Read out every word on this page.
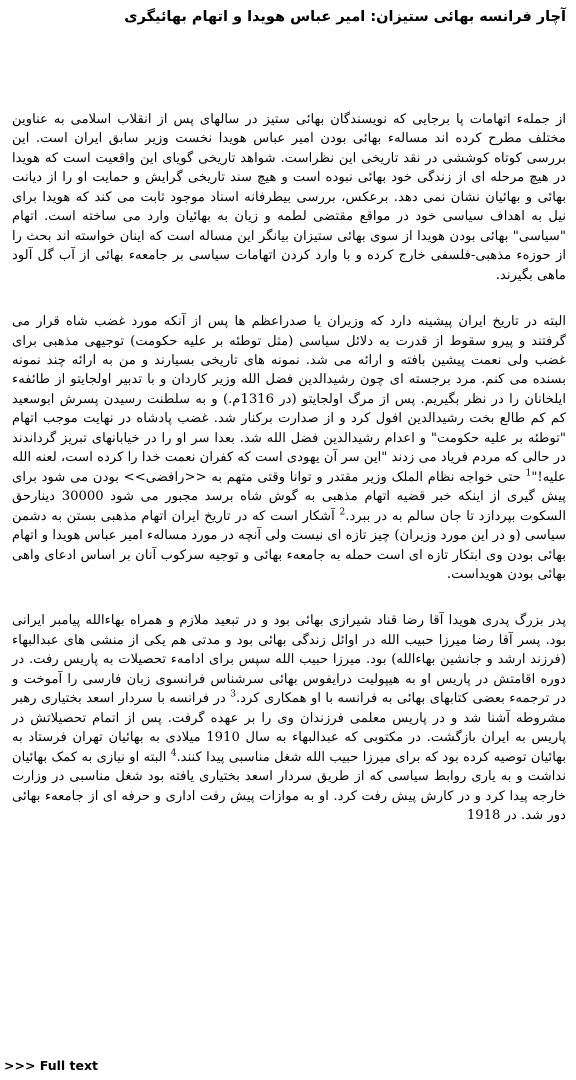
آچار فرانسه بهائی ستیزان: امیر عباس هویدا و اتهام بهائیگری

از جملهء اتهامات پا برجایی که نویسندگان بهائی ستیز در سالهای پس از انقلاب اسلامی به عناوین مختلف مطرح کرده اند مساله‌ء بهائی بودن امیر عباس هویدا نخست وزیر سابق ایران است. این بررسی کوتاه کوششی در نقد تاریخی این نظراست. شواهد تاریخی گویای این واقعیت است که هویدا در هیچ مرحله ای از زندگی خود بهائی نبوده است و هیچ سند تاریخی گرایش و حمایت او را از دیانت بهائی و بهائیان نشان نمی دهد. برعکس، بررسی بیطرفانه اسناد موجود ثابت می کند که هویدا برای نیل به اهداف سیاسی خود در مواقع مقتضی لطمه و زیان به بهائیان وارد می ساخته است. اتهام "سیاسی" بهائی بودن هویدا از سوی بهائی ستیزان بیانگر این مساله است که اینان خواسته اند بحث را از حوزه‌ء مذهبی-فلسفی خارج کرده و با وارد کردن اتهامات سیاسی بر جامعهء بهائی از آب گل آلود ماهی بگیرند.

البته در تاریخ ایران پیشینه دارد که وزیران یا صدراعظم ها پس از آنکه مورد غضب شاه قرار می گرفتند و پیرو سقوط از قدرت به دلائل سیاسی (مثل توطئه بر علیه حکومت) توجیهی مذهبی برای غضب ولی نعمت پیشین بافته و ارائه می شد. نمونه های تاریخی بسیارند و من به ارائه چند نمونه بسنده می کنم. مرد برجسته ای چون رشیدالدین فضل الله وزیر کاردان و با تدبیر اولجایتو از طائفهء ایلخانان را در نظر بگیریم. پس از مرگ اولجایتو (در 1316م.) و به سلطنت رسیدن پسرش ابوسعید کم کم طالع بخت رشیدالدین افول کرد و از صدارت برکنار شد. غضب پادشاه در نهایت موجب اتهام "توطئه بر علیه حکومت" و اعدام رشیدالدین فضل الله شد. بعدا سر او را در خیابانهای تبریز گرداندند در حالی که مردم فریاد می زدند "این سر آن یهودی است که کفران نعمت خدا را کرده است، لعنه الله علیه!"$^1$ حتی خواجه نظام الملک وزیر مقتدر و توانا وقتی متهم به <<رافضی>> بودن می شود برای پیش گیری از اینکه خبر قضیه اتهام مذهبی به گوش شاه برسد مجبور می شود 30000 دینارحق السکوت بپردازد تا جان سالم به در ببرد.$^2$ آشکار است که در تاریخ ایران اتهام مذهبی بستن به دشمن سیاسی (و در این مورد وزیران) چیز تازه ای نیست ولی آنچه در مورد مساله‌ء امیر عباس هویدا و اتهام بهائی بودن وی ابتکار تازه ای است حمله به جامعهء بهائی و توجیه سرکوب آنان بر اساس ادعای واهی بهائی بودن هویداست.

پدر بزرگ پدری هویدا آقا رضا قناد شیرازی بهائی بود و در تبعید ملازم و همراه بهاءالله پیامبر ایرانی بود. پسر آقا رضا میرزا حبیب الله در اوائل زندگی بهائی بود و مدتی هم یکی از منشی های عبدالبهاء (فرزند ارشد و جانشین بهاءالله) بود. میرزا حبیب الله سپس برای ادامهء تحصیلات به پاریس رفت. در دوره اقامتش در پاریس او به هیپولیت درایفوس بهائی سرشناس فرانسوی زبان فارسی را آموخت و در ترجمهء بعضی کتابهای بهائی به فرانسه با او همکاری کرد.$^3$ در فرانسه با سردار اسعد بختیاری رهبر مشروطه آشنا شد و در پاریس معلمی فرزندان وی را بر عهده گرفت. پس از اتمام تحصیلاتش در پاریس به ایران بازگشت. در مکتوبی که عبدالبهاء به سال 1910 میلادی به بهائیان تهران فرستاد به بهائیان توصیه کرده بود که برای میرزا حبیب الله شغل مناسبی پیدا کنند.$^4$ البته او نیازی به کمک بهائیان نداشت و به یاری روابط سیاسی که از طریق سردار اسعد بختیاری یافته بود شغل مناسبی در وزارت خارجه پیدا کرد و در کارش پیش رفت کرد. او به موازات پیش رفت اداری و حرفه ای از جامعهء بهائی دور شد. در 1918

>>> Full text
